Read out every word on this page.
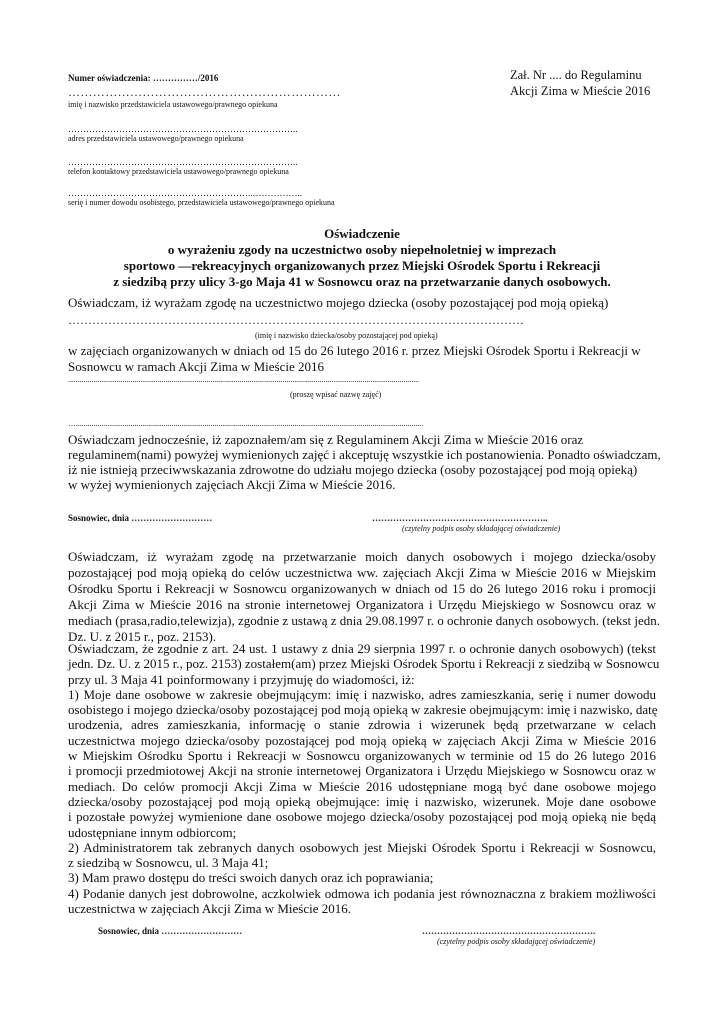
Zał. Nr .... do Regulaminu
Akcji Zima w Mieście 2016
Numer oświadczenia: ……………/2016
…………………………………………………………
imię i nazwisko przedstawiciela ustawowego/prawnego opiekuna
…………………………………………………………………..
adres przedstawiciela ustawowego/prawnego opiekuna
…………………………………………………………………..
telefon kontaktowy przedstawiciela ustawowego/prawnego opiekuna
……………………………………………………..……………..
serię i numer dowodu osobistego, przedstawiciela ustawowego/prawnego opiekuna
Oświadczenie
o wyrażeniu zgody na uczestnictwo osoby niepełnoletniej w imprezach
sportowo —rekreacyjnych organizowanych przez Miejski Ośrodek Sportu i Rekreacji
z siedzibą przy ulicy 3-go Maja 41 w Sosnowcu oraz na przetwarzanie danych osobowych.
Oświadczam, iż wyrażam zgodę na uczestnictwo mojego dziecka (osoby pozostającej pod moją opieką)
……………………………………………………………………………………………………
(imię i nazwisko dziecka/osoby pozostającej pod opieką)
w zajęciach organizowanych w dniach od 15 do 26 lutego 2016 r. przez Miejski Ośrodek Sportu i Rekreacji w
Sosnowcu w ramach Akcji Zima w Mieście 2016
....................................................................................................................................................................................
(proszę wpisać nazwę zajęć)
…..................................................................................................................................................................................
Oświadczam jednocześnie, iż zapoznałem/am się z Regulaminem Akcji Zima w Mieście 2016 oraz
regulaminem(nami) powyżej wymienionych zajęć i akceptuję wszystkie ich postanowienia. Ponadto oświadczam,
iż nie istnieją przeciwwskazania zdrowotne do udziału mojego dziecka (osoby pozostającej pod moją opieką)
w wyżej wymienionych zajęciach Akcji Zima w Mieście 2016.
Sosnowiec, dnia ………………………	…………………………………………………..
(czytelny podpis osoby składającej oświadczenie)
Oświadczam, iż wyrażam zgodę na przetwarzanie moich danych osobowych i mojego dziecka/osoby
pozostającej pod moją opieką do celów uczestnictwa ww. zajęciach Akcji Zima w Mieście 2016 w Miejskim
Ośrodku Sportu i Rekreacji w Sosnowcu organizowanych w dniach od 15 do 26 lutego 2016 roku i promocji
Akcji Zima w Mieście 2016 na stronie internetowej Organizatora i Urzędu Miejskiego w Sosnowcu oraz w
mediach (prasa,radio,telewizja), zgodnie z ustawą z dnia 29.08.1997 r. o ochronie danych osobowych. (tekst jedn.
Dz. U. z 2015 r., poz. 2153).
Oświadczam, że zgodnie z art. 24 ust. 1 ustawy z dnia 29 sierpnia 1997 r. o ochronie danych osobowych) (tekst
jedn. Dz. U. z 2015 r., poz. 2153) zostałem(am) przez Miejski Ośrodek Sportu i Rekreacji z siedzibą w Sosnowcu
przy ul. 3 Maja 41 poinformowany i przyjmuję do wiadomości, iż:
1) Moje dane osobowe w zakresie obejmującym: imię i nazwisko, adres zamieszkania, serię i numer dowodu
osobistego i mojego dziecka/osoby pozostającej pod moją opieką w zakresie obejmującym: imię i nazwisko, datę
urodzenia, adres zamieszkania, informację o stanie zdrowia i wizerunek będą przetwarzane w celach
uczestnictwa mojego dziecka/osoby pozostającej pod moją opieką w zajęciach Akcji Zima w Mieście 2016
w Miejskim Ośrodku Sportu i Rekreacji w Sosnowcu organizowanych w terminie od 15 do 26 lutego 2016
i promocji przedmiotowej Akcji na stronie internetowej Organizatora i Urzędu Miejskiego w Sosnowcu oraz w
mediach. Do celów promocji Akcji Zima w Mieście 2016 udostępniane mogą być dane osobowe mojego
dziecka/osoby pozostającej pod moją opieką obejmujące: imię i nazwisko, wizerunek. Moje dane osobowe
i pozostałe powyżej wymienione dane osobowe mojego dziecka/osoby pozostającej pod moją opieką nie będą
udostępniane innym odbiorcom;
2) Administratorem tak zebranych danych osobowych jest Miejski Ośrodek Sportu i Rekreacji w Sosnowcu,
z siedzibą w Sosnowcu, ul. 3 Maja 41;
3) Mam prawo dostępu do treści swoich danych oraz ich poprawiania;
4) Podanie danych jest dobrowolne, aczkolwiek odmowa ich podania jest równoznaczna z brakiem możliwości
uczestnictwa w zajęciach Akcji Zima w Mieście 2016.
Sosnowiec, dnia ………………………	………………………………………………….
(czytelny podpis osoby składającej oświadczenie)
